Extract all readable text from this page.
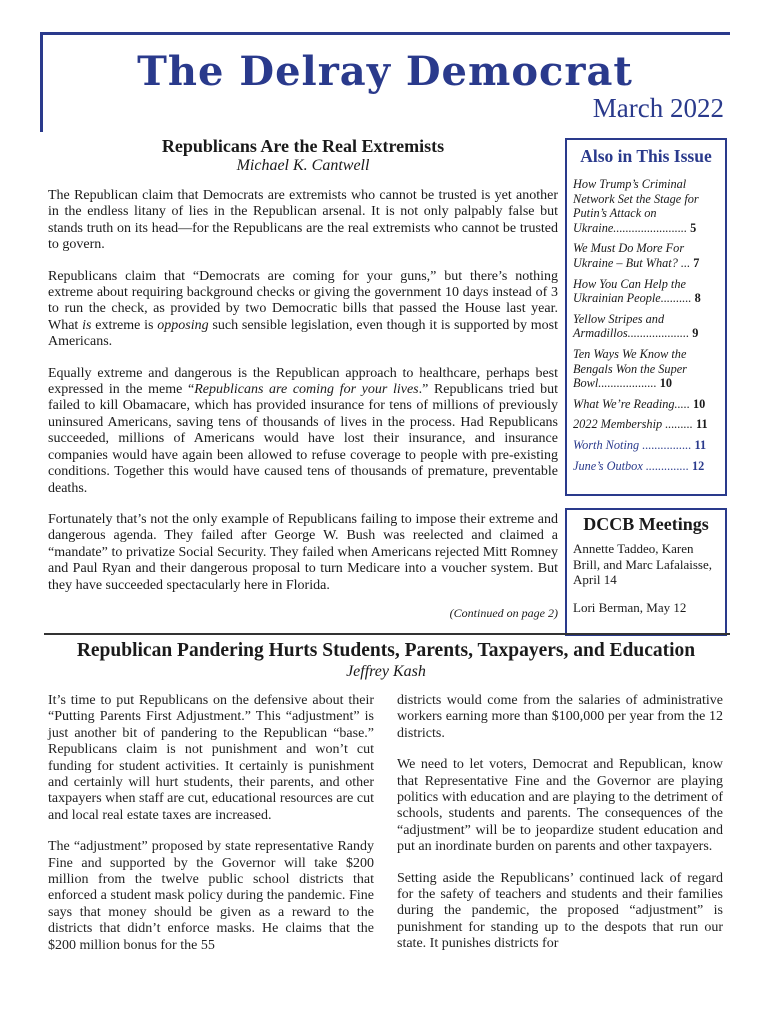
The Delray Democrat
March 2022
Republicans Are the Real Extremists
Michael K. Cantwell

The Republican claim that Democrats are extremists who cannot be trusted is yet another in the endless litany of lies in the Republican arsenal. It is not only palpably false but stands truth on its head—for the Republicans are the real extremists who cannot be trusted to govern.

Republicans claim that “Democrats are coming for your guns,” but there’s nothing extreme about requiring background checks or giving the government 10 days instead of 3 to run the check, as provided by two Democratic bills that passed the House last year. What is extreme is opposing such sensible legislation, even though it is supported by most Americans.

Equally extreme and dangerous is the Republican approach to healthcare, perhaps best expressed in the meme “Republicans are coming for your lives.” Republicans tried but failed to kill Obamacare, which has provided insurance for tens of millions of previously uninsured Americans, saving tens of thousands of lives in the process. Had Republicans succeeded, millions of Americans would have lost their insurance, and insurance companies would have again been allowed to refuse coverage to people with pre-existing conditions. Together this would have caused tens of thousands of premature, preventable deaths.

Fortunately that’s not the only example of Republicans failing to impose their extreme and dangerous agenda. They failed after George W. Bush was reelected and claimed a “mandate” to privatize Social Security. They failed when Americans rejected Mitt Romney and Paul Ryan and their dangerous proposal to turn Medicare into a voucher system. But they have succeeded spectacularly here in Florida.

(Continued on page 2)

Also in This Issue
How Trump’s Criminal Network Set the Stage for Putin’s Attack on Ukraine........................ 5
We Must Do More For Ukraine – But What? ... 7
How You Can Help the Ukrainian People.......... 8
Yellow Stripes and Armadillos.................... 9
Ten Ways We Know the Bengals Won the Super Bowl................... 10
What We’re Reading..... 10
2022 Membership ......... 11
Worth Noting ................ 11
June’s Outbox .............. 12
DCCB Meetings
Annette Taddeo, Karen Brill, and Marc Lafalaisse, April 14
Lori Berman, May 12
Republican Pandering Hurts Students, Parents, Taxpayers, and Education
Jeffrey Kash

It’s time to put Republicans on the defensive about their “Putting Parents First Adjustment.” This “adjustment” is just another bit of pandering to the Republican “base.” Republicans claim is not punishment and won’t cut funding for student activities. It certainly is punishment and certainly will hurt students, their parents, and other taxpayers when staff are cut, educational resources are cut and local real estate taxes are increased.

The “adjustment” proposed by state representative Randy Fine and supported by the Governor will take $200 million from the twelve public school districts that enforced a student mask policy during the pandemic. Fine says that money should be given as a reward to the districts that didn’t enforce masks. He claims that the $200 million bonus for the 55

districts would come from the salaries of administrative workers earning more than $100,000 per year from the 12 districts.

We need to let voters, Democrat and Republican, know that Representative Fine and the Governor are playing politics with education and are playing to the detriment of schools, students and parents. The consequences of the “adjustment” will be to jeopardize student education and put an inordinate burden on parents and other taxpayers.

Setting aside the Republicans’ continued lack of regard for the safety of teachers and students and their families during the pandemic, the proposed “adjustment” is punishment for standing up to the despots that run our state. It punishes districts for
